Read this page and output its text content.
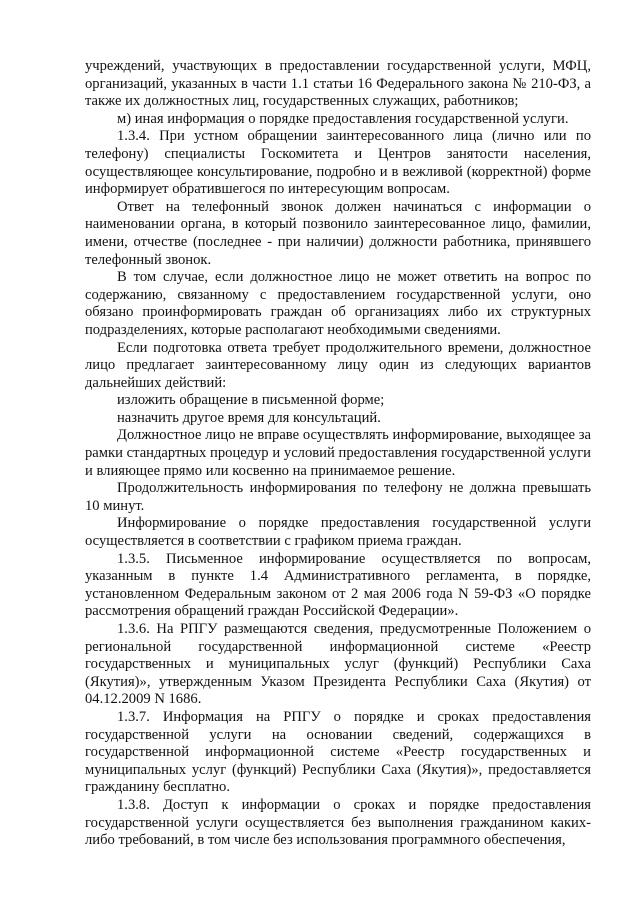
учреждений, участвующих в предоставлении государственной услуги, МФЦ, организаций, указанных в части 1.1 статьи 16 Федерального закона № 210-ФЗ, а также их должностных лиц, государственных служащих, работников;

м) иная информация о порядке предоставления государственной услуги.

1.3.4. При устном обращении заинтересованного лица (лично или по телефону) специалисты Госкомитета и Центров занятости населения, осуществляющее консультирование, подробно и в вежливой (корректной) форме информирует обратившегося по интересующим вопросам.

Ответ на телефонный звонок должен начинаться с информации о наименовании органа, в который позвонило заинтересованное лицо, фамилии, имени, отчестве (последнее - при наличии) должности работника, принявшего телефонный звонок.

В том случае, если должностное лицо не может ответить на вопрос по содержанию, связанному с предоставлением государственной услуги, оно обязано проинформировать граждан об организациях либо их структурных подразделениях, которые располагают необходимыми сведениями.

Если подготовка ответа требует продолжительного времени, должностное лицо предлагает заинтересованному лицу один из следующих вариантов дальнейших действий:

изложить обращение в письменной форме;

назначить другое время для консультаций.

Должностное лицо не вправе осуществлять информирование, выходящее за рамки стандартных процедур и условий предоставления государственной услуги и влияющее прямо или косвенно на принимаемое решение.

Продолжительность информирования по телефону не должна превышать 10 минут.

Информирование о порядке предоставления государственной услуги осуществляется в соответствии с графиком приема граждан.

1.3.5. Письменное информирование осуществляется по вопросам, указанным в пункте 1.4 Административного регламента, в порядке, установленном Федеральным законом от 2 мая 2006 года N 59-ФЗ «О порядке рассмотрения обращений граждан Российской Федерации».

1.3.6. На РПГУ размещаются сведения, предусмотренные Положением о региональной государственной информационной системе «Реестр государственных и муниципальных услуг (функций) Республики Саха (Якутия)», утвержденным Указом Президента Республики Саха (Якутия) от 04.12.2009 N 1686.

1.3.7. Информация на РПГУ о порядке и сроках предоставления государственной услуги на основании сведений, содержащихся в государственной информационной системе «Реестр государственных и муниципальных услуг (функций) Республики Саха (Якутия)», предоставляется гражданину бесплатно.

1.3.8. Доступ к информации о сроках и порядке предоставления государственной услуги осуществляется без выполнения гражданином каких-либо требований, в том числе без использования программного обеспечения,
